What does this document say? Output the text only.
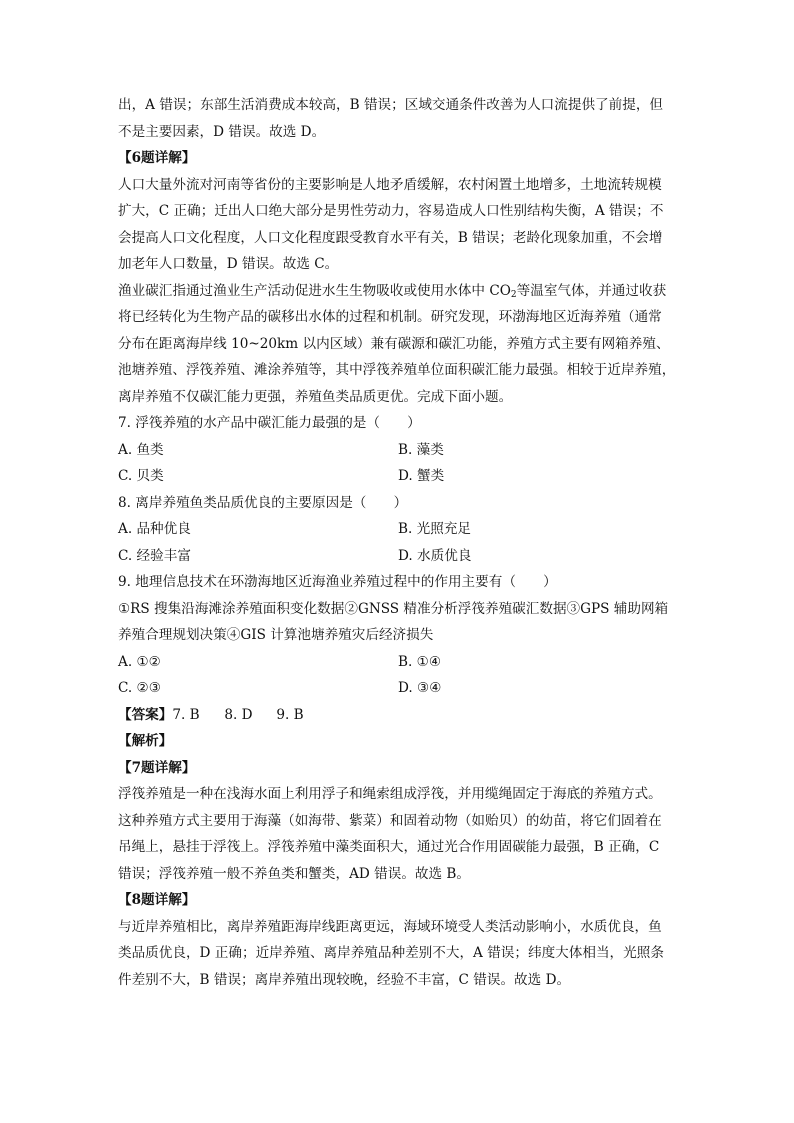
出，A 错误；东部生活消费成本较高，B 错误；区域交通条件改善为人口流提供了前提，但
不是主要因素，D 错误。故选 D。
【6题详解】
人口大量外流对河南等省份的主要影响是人地矛盾缓解，农村闲置土地增多，土地流转规模
扩大，C 正确；迁出人口绝大部分是男性劳动力，容易造成人口性别结构失衡，A 错误；不
会提高人口文化程度，人口文化程度跟受教育水平有关，B 错误；老龄化现象加重，不会增
加老年人口数量，D 错误。故选 C。
渔业碳汇指通过渔业生产活动促进水生生物吸收或使用水体中 $CO_2$等温室气体，并通过收获
将已经转化为生物产品的碳移出水体的过程和机制。研究发现，环渤海地区近海养殖（通常
分布在距离海岸线 10~20km 以内区域）兼有碳源和碳汇功能，养殖方式主要有网箱养殖、
池塘养殖、浮筏养殖、滩涂养殖等，其中浮筏养殖单位面积碳汇能力最强。相较于近岸养殖，
离岸养殖不仅碳汇能力更强，养殖鱼类品质更优。完成下面小题。
7. 浮筏养殖的水产品中碳汇能力最强的是（　　）
A. 鱼类	B. 藻类
C. 贝类	D. 蟹类
8. 离岸养殖鱼类品质优良的主要原因是（　　）
A. 品种优良	B. 光照充足
C. 经验丰富	D. 水质优良
9. 地理信息技术在环渤海地区近海渔业养殖过程中的作用主要有（　　）
①RS 搜集沿海滩涂养殖面积变化数据②GNSS 精准分析浮筏养殖碳汇数据③GPS 辅助网箱
养殖合理规划决策④GIS 计算池塘养殖灾后经济损失
A. ①②	B. ①④
C. ②③	D. ③④
【答案】7. B 8. D 9. B
【解析】
【7题详解】
浮筏养殖是一种在浅海水面上利用浮子和绳索组成浮筏，并用缆绳固定于海底的养殖方式。
这种养殖方式主要用于海藻（如海带、紫菜）和固着动物（如贻贝）的幼苗，将它们固着在
吊绳上，悬挂于浮筏上。浮筏养殖中藻类面积大，通过光合作用固碳能力最强，B 正确，C
错误；浮筏养殖一般不养鱼类和蟹类，AD 错误。故选 B。
【8题详解】
与近岸养殖相比，离岸养殖距海岸线距离更远，海域环境受人类活动影响小，水质优良，鱼
类品质优良，D 正确；近岸养殖、离岸养殖品种差别不大，A 错误；纬度大体相当，光照条
件差别不大，B 错误；离岸养殖出现较晚，经验不丰富，C 错误。故选 D。
